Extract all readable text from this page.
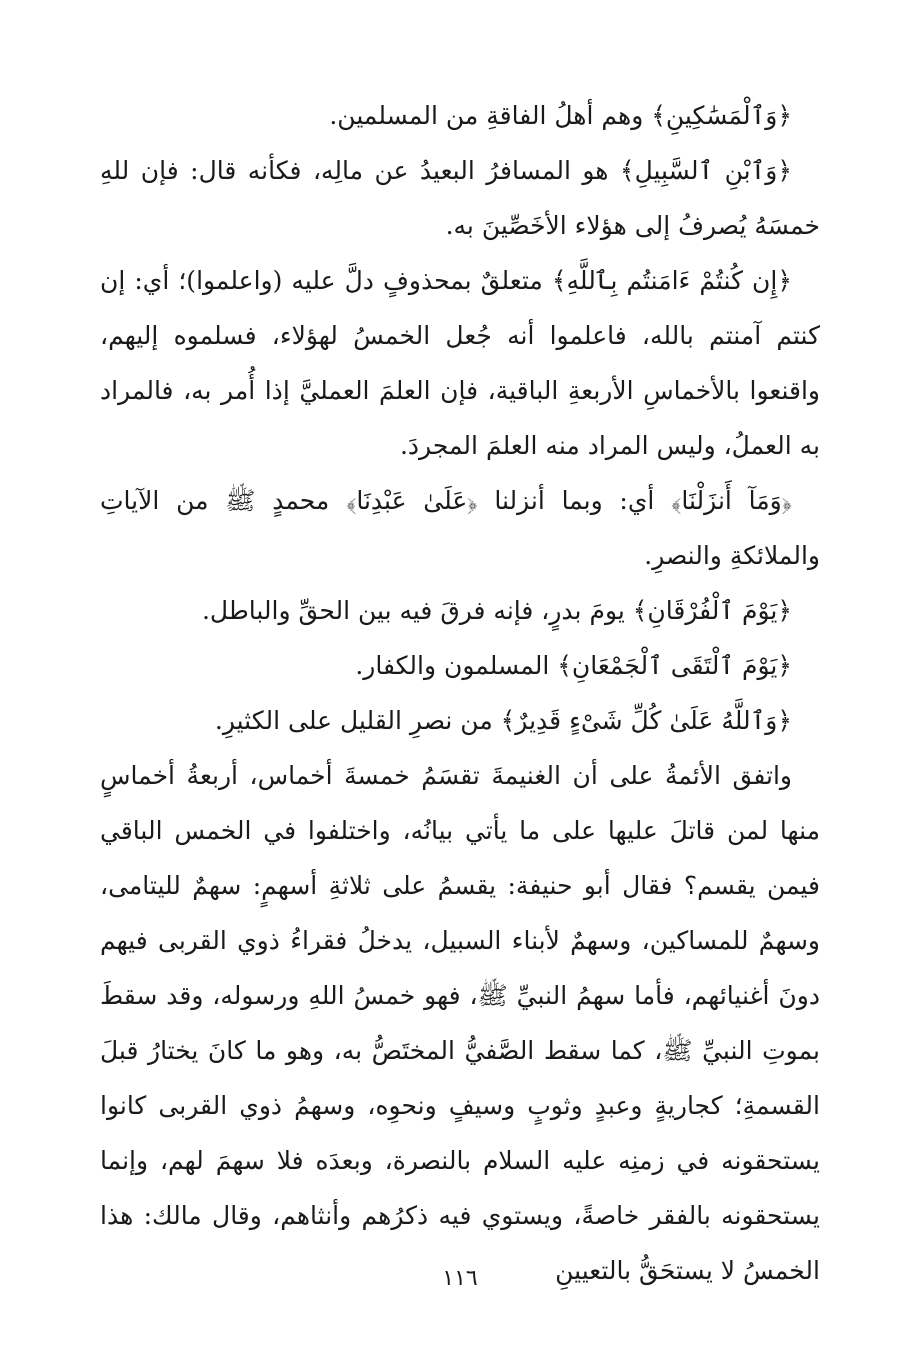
﴿وَٱلْمَسَٰكِينِ﴾ وهم أهلُ الفاقةِ من المسلمين.

﴿وَٱبْنِ ٱلسَّبِيلِ﴾ هو المسافرُ البعيدُ عن مالِه، فكأنه قال: فإن للهِ خمسَهُ يُصرفُ إلى هؤلاء الأخَصِّينَ به.

﴿إِن كُنتُمْ ءَامَنتُم بِٱللَّهِ﴾ متعلقٌ بمحذوفٍ دلَّ عليه (واعلموا)؛ أي: إن كنتم آمنتم بالله، فاعلموا أنه جُعل الخمسُ لهؤلاء، فسلموه إليهم، واقنعوا بالأخماسِ الأربعةِ الباقية، فإن العلمَ العمليَّ إذا أُمر به، فالمراد به العملُ، وليس المراد منه العلمَ المجردَ.

﴿وَمَآ أَنزَلْنَا﴾ أي: وبما أنزلنا ﴿عَلَىٰ عَبْدِنَا﴾ محمدٍ ﷺ من الآياتِ والملائكةِ والنصرِ.

﴿يَوْمَ ٱلْفُرْقَانِ﴾ يومَ بدرٍ، فإنه فرقَ فيه بين الحقِّ والباطل.

﴿يَوْمَ ٱلْتَقَى ٱلْجَمْعَانِ﴾ المسلمون والكفار.

﴿وَٱللَّهُ عَلَىٰ كُلِّ شَىْءٍ قَدِيرٌ﴾ من نصرِ القليل على الكثيرِ.

واتفق الأئمةُ على أن الغنيمةَ تقسَمُ خمسةَ أخماس، أربعةُ أخماسٍ منها لمن قاتلَ عليها على ما يأتي بيانُه، واختلفوا في الخمس الباقي فيمن يقسم؟ فقال أبو حنيفة: يقسمُ على ثلاثةِ أسهمٍ: سهمٌ لليتامى، وسهمٌ للمساكين، وسهمٌ لأبناء السبيل، يدخلُ فقراءُ ذوي القربى فيهم دونَ أغنيائهم، فأما سهمُ النبيِّ ﷺ، فهو خمسُ اللهِ ورسوله، وقد سقطَ بموتِ النبيِّ ﷺ، كما سقط الصَّفيُّ المختَصُّ به، وهو ما كانَ يختارُ قبلَ القسمةِ؛ كجاريةٍ وعبدٍ وثوبٍ وسيفٍ ونحوِه، وسهمُ ذوي القربى كانوا يستحقونه في زمنِه عليه السلام بالنصرة، وبعدَه فلا سهمَ لهم، وإنما يستحقونه بالفقر خاصةً، ويستوي فيه ذكرُهم وأنثاهم، وقال مالك: هذا الخمسُ لا يستحَقُّ بالتعيينِ

١١٦
